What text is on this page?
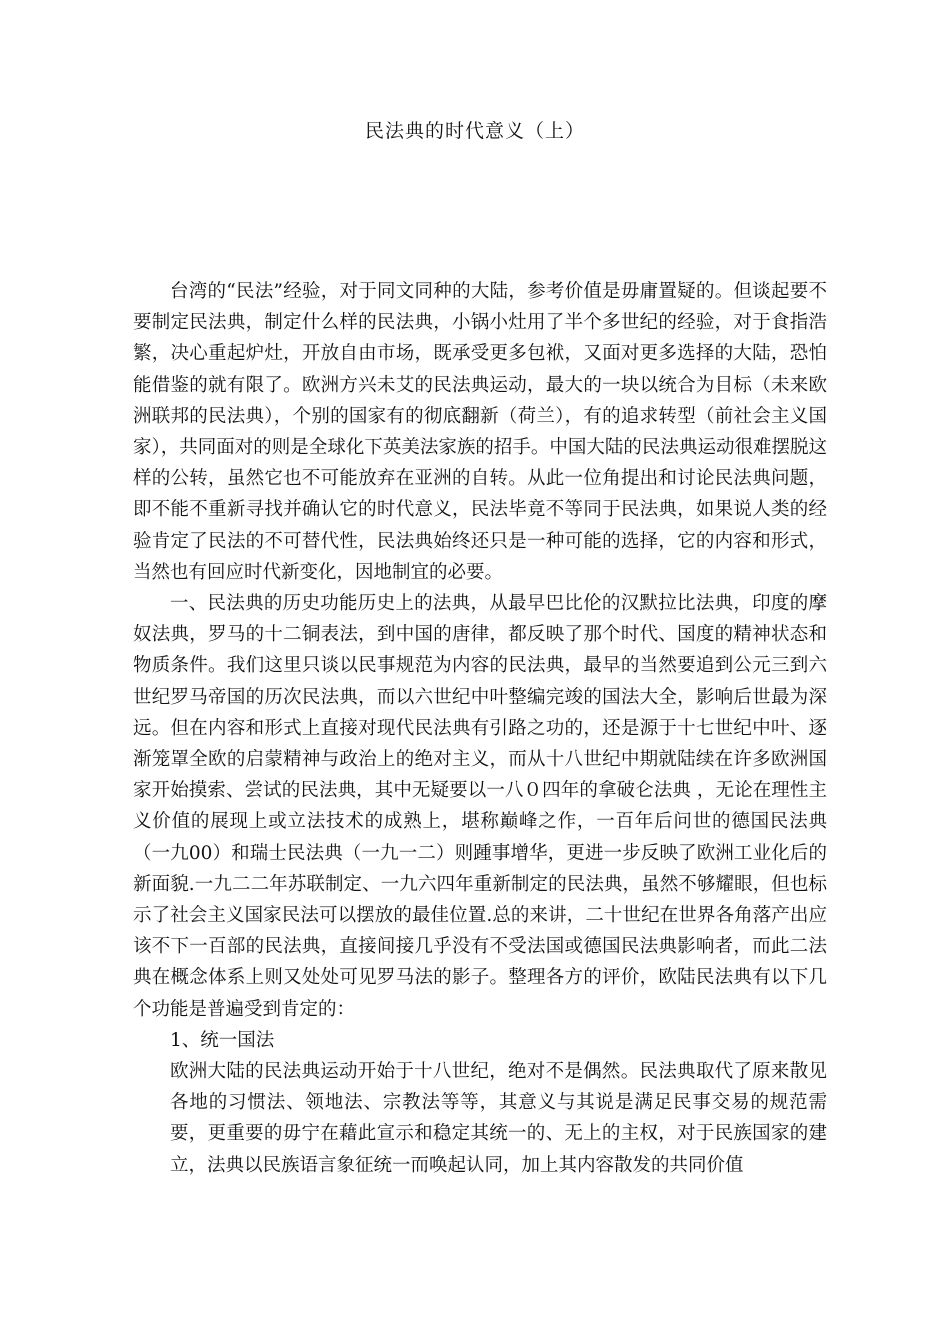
民法典的时代意义（上）

台湾的“民法”经验，对于同文同种的大陆，参考价值是毋庸置疑的。但谈起要不要制定民法典，制定什么样的民法典，小锅小灶用了半个多世纪的经验，对于食指浩繁，决心重起炉灶，开放自由市场，既承受更多包袱，又面对更多选择的大陆，恐怕能借鉴的就有限了。欧洲方兴未艾的民法典运动，最大的一块以统合为目标（未来欧洲联邦的民法典），个别的国家有的彻底翻新（荷兰），有的追求转型（前社会主义国家），共同面对的则是全球化下英美法家族的招手。中国大陆的民法典运动很难摆脱这样的公转，虽然它也不可能放弃在亚洲的自转。从此一位角提出和讨论民法典问题，即不能不重新寻找并确认它的时代意义，民法毕竟不等同于民法典，如果说人类的经验肯定了民法的不可替代性，民法典始终还只是一种可能的选择，它的内容和形式，当然也有回应时代新变化，因地制宜的必要。

一、民法典的历史功能历史上的法典，从最早巴比伦的汉默拉比法典，印度的摩奴法典，罗马的十二铜表法，到中国的唐律，都反映了那个时代、国度的精神状态和物质条件。我们这里只谈以民事规范为内容的民法典，最早的当然要追到公元三到六世纪罗马帝国的历次民法典，而以六世纪中叶整编完竣的国法大全，影响后世最为深远。但在内容和形式上直接对现代民法典有引路之功的，还是源于十七世纪中叶、逐渐笼罩全欧的启蒙精神与政治上的绝对主义，而从十八世纪中期就陆续在许多欧洲国家开始摸索、尝试的民法典，其中无疑要以一八０四年的拿破仑法典 ，无论在理性主义价值的展现上或立法技术的成熟上，堪称巅峰之作，一百年后问世的德国民法典（一九00）和瑞士民法典（一九一二）则踵事增华，更进一步反映了欧洲工业化后的新面貌.一九二二年苏联制定、一九六四年重新制定的民法典，虽然不够耀眼，但也标示了社会主义国家民法可以摆放的最佳位置.总的来讲，二十世纪在世界各角落产出应该不下一百部的民法典，直接间接几乎没有不受法国或德国民法典影响者，而此二法典在概念体系上则又处处可见罗马法的影子。整理各方的评价，欧陆民法典有以下几个功能是普遍受到肯定的：

1、统一国法
欧洲大陆的民法典运动开始于十八世纪，绝对不是偶然。民法典取代了原来散见各地的习惯法、领地法、宗教法等等，其意义与其说是满足民事交易的规范需要，更重要的毋宁在藉此宣示和稳定其统一的、无上的主权，对于民族国家的建立，法典以民族语言象征统一而唤起认同，加上其内容散发的共同价值
